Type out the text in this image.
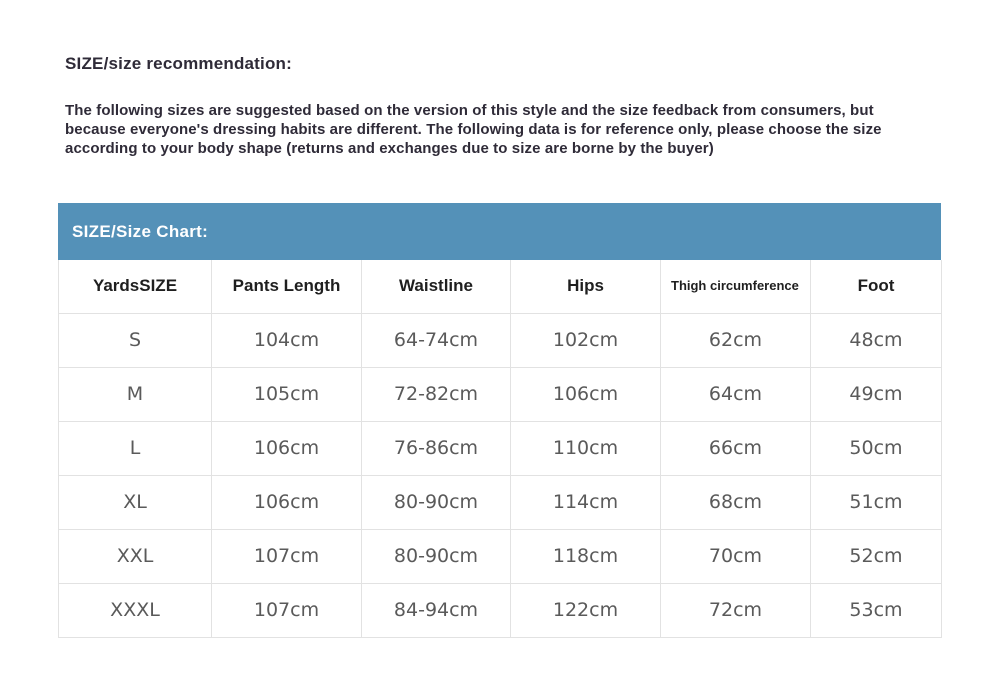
SIZE/size recommendation:
The following sizes are suggested based on the version of this style and the size feedback from consumers, but because everyone's dressing habits are different. The following data is for reference only, please choose the size according to your body shape (returns and exchanges due to size are borne by the buyer)
SIZE/Size Chart:
YardsSIZE	Pants Length	Waistline	Hips	Thigh circumference	Foot
S	104cm	64-74cm	102cm	62cm	48cm
M	105cm	72-82cm	106cm	64cm	49cm
L	106cm	76-86cm	110cm	66cm	50cm
XL	106cm	80-90cm	114cm	68cm	51cm
XXL	107cm	80-90cm	118cm	70cm	52cm
XXXL	107cm	84-94cm	122cm	72cm	53cm
